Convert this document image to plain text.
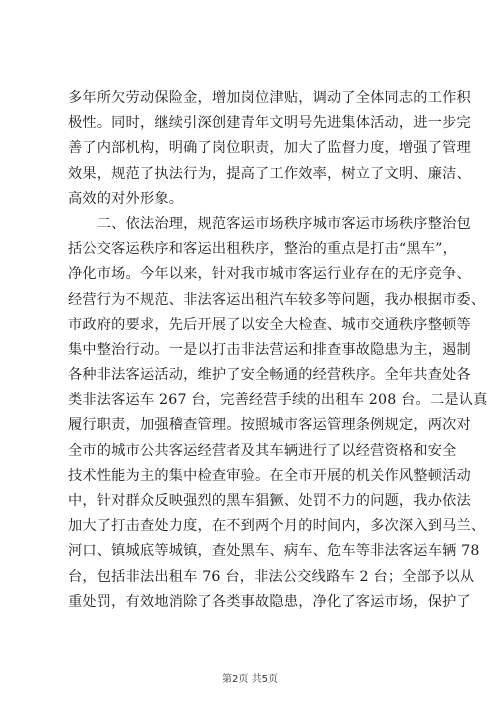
多年所欠劳动保险金，增加岗位津贴，调动了全体同志的工作积
极性。同时，继续引深创建青年文明号先进集体活动，进一步完
善了内部机构，明确了岗位职责，加大了监督力度，增强了管理
效果，规范了执法行为，提高了工作效率，树立了文明、廉洁、
高效的对外形象。
　　二、依法治理，规范客运市场秩序城市客运市场秩序整治包
括公交客运秩序和客运出租秩序，整治的重点是打击“黑车”，
净化市场。今年以来，针对我市城市客运行业存在的无序竞争、
经营行为不规范、非法客运出租汽车较多等问题，我办根据市委、
市政府的要求，先后开展了以安全大检查、城市交通秩序整顿等
集中整治行动。一是以打击非法营运和排查事故隐患为主，遏制
各种非法客运活动，维护了安全畅通的经营秩序。全年共查处各
类非法客运车 267 台，完善经营手续的出租车 208 台。二是认真
履行职责，加强稽查管理。按照城市客运管理条例规定，两次对
全市的城市公共客运经营者及其车辆进行了以经营资格和安全
技术性能为主的集中检查审验。在全市开展的机关作风整顿活动
中，针对群众反映强烈的黑车猖獗、处罚不力的问题，我办依法
加大了打击查处力度，在不到两个月的时间内，多次深入到马兰、
河口、镇城底等城镇，查处黑车、病车、危车等非法客运车辆 78
台，包括非法出租车 76 台，非法公交线路车 2 台；全部予以从
重处罚，有效地消除了各类事故隐患，净化了客运市场，保护了
第2页 共5页
